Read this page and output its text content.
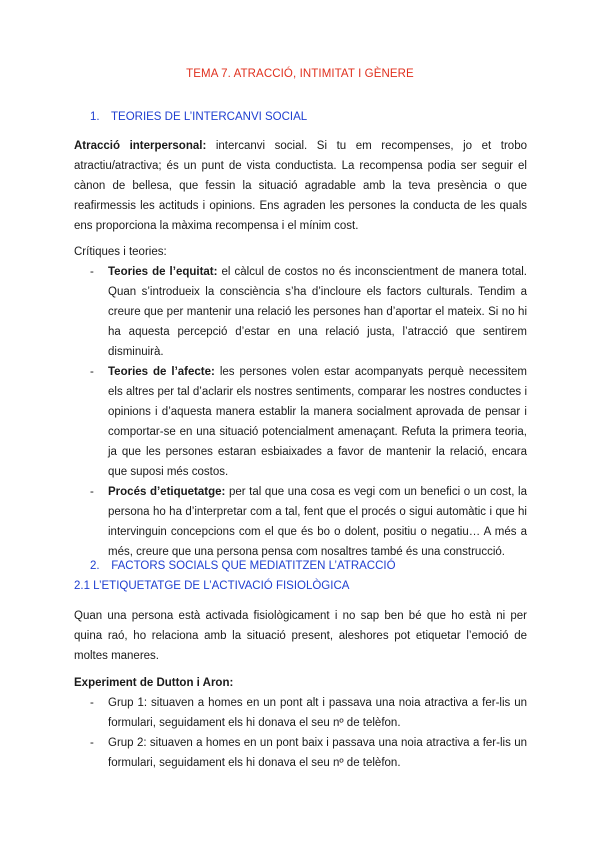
TEMA 7. ATRACCIÓ, INTIMITAT I GÈNERE
1. TEORIES DE L’INTERCANVI SOCIAL

Atracció interpersonal: intercanvi social. Si tu em recompenses, jo et trobo atractiu/atractiva; és un punt de vista conductista. La recompensa podia ser seguir el cànon de bellesa, que fessin la situació agradable amb la teva presència o que reafirmessis les actituds i opinions. Ens agraden les persones la conducta de les quals ens proporciona la màxima recompensa i el mínim cost.

Crítiques i teories:

- Teories de l’equitat: el càlcul de costos no és inconscientment de manera total. Quan s’introdueix la consciència s’ha d’incloure els factors culturals. Tendim a creure que per mantenir una relació les persones han d’aportar el mateix. Si no hi ha aquesta percepció d’estar en una relació justa, l’atracció que sentirem disminuirà.
- Teories de l’afecte: les persones volen estar acompanyats perquè necessitem els altres per tal d’aclarir els nostres sentiments, comparar les nostres conductes i opinions i d’aquesta manera establir la manera socialment aprovada de pensar i comportar-se en una situació potencialment amenaçant. Refuta la primera teoria, ja que les persones estaran esbiaixades a favor de mantenir la relació, encara que suposi més costos.
- Procés d’etiquetatge: per tal que una cosa es vegi com un benefici o un cost, la persona ho ha d’interpretar com a tal, fent que el procés o sigui automàtic i que hi intervinguin concepcions com el que és bo o dolent, positiu o negatiu… A més a més, creure que una persona pensa com nosaltres també és una construcció.
2. FACTORS SOCIALS QUE MEDIATITZEN L’ATRACCIÓ
2.1 L’ETIQUETATGE DE L’ACTIVACIÓ FISIOLÒGICA

Quan una persona està activada fisiològicament i no sap ben bé que ho està ni per quina raó, ho relaciona amb la situació present, aleshores pot etiquetar l’emoció de moltes maneres.

Experiment de Dutton i Aron:

- Grup 1: situaven a homes en un pont alt i passava una noia atractiva a fer-lis un formulari, seguidament els hi donava el seu nº de telèfon.
- Grup 2: situaven a homes en un pont baix i passava una noia atractiva a fer-lis un formulari, seguidament els hi donava el seu nº de telèfon.
